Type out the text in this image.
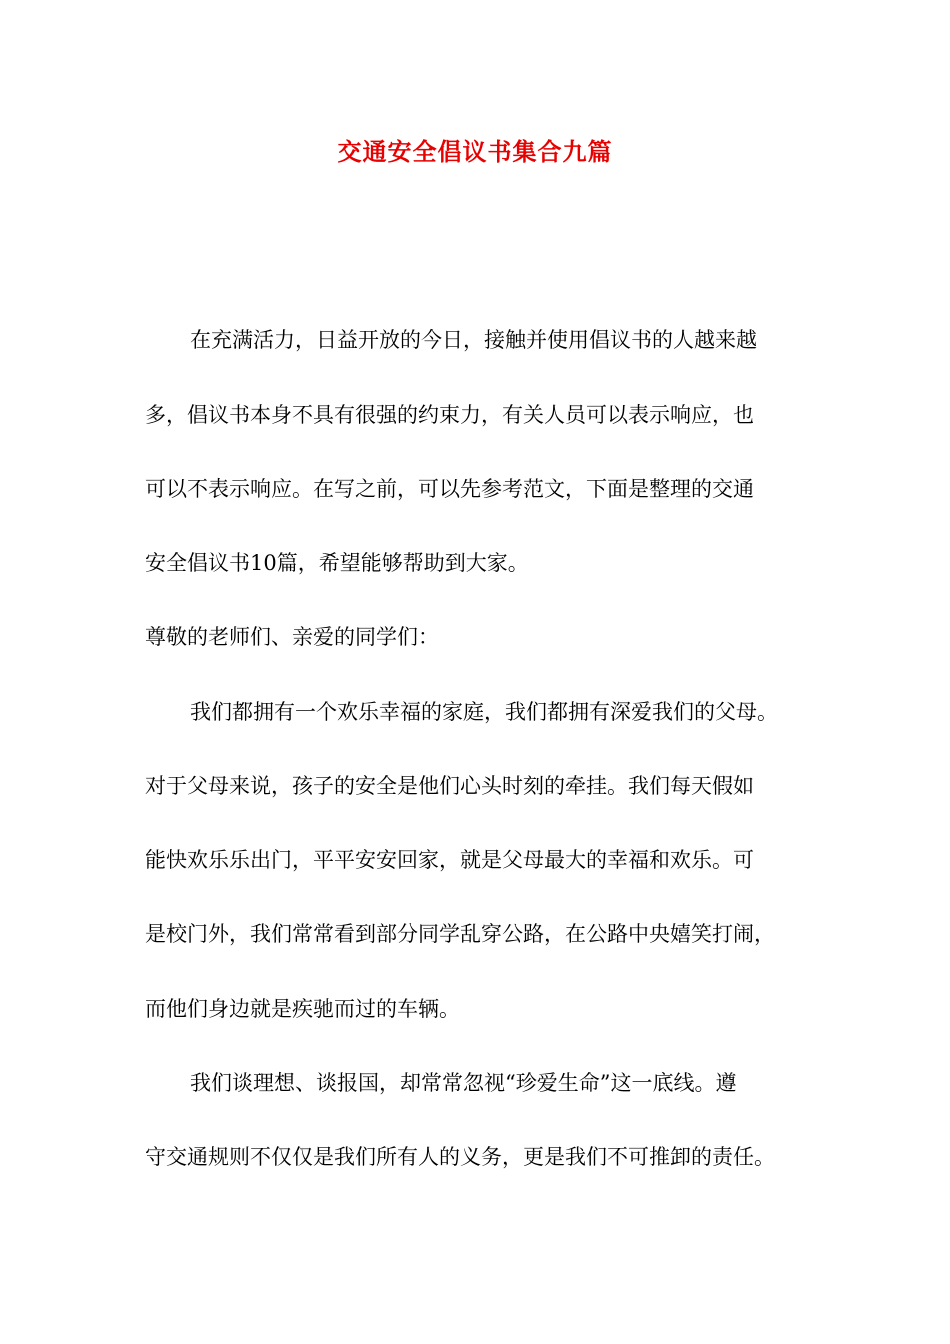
交通安全倡议书集合九篇
在充满活力，日益开放的今日，接触并使用倡议书的人越来越
多，倡议书本身不具有很强的约束力，有关人员可以表示响应，也
可以不表示响应。在写之前，可以先参考范文，下面是整理的交通
安全倡议书10篇，希望能够帮助到大家。
尊敬的老师们、亲爱的同学们：
我们都拥有一个欢乐幸福的家庭，我们都拥有深爱我们的父母。
对于父母来说，孩子的安全是他们心头时刻的牵挂。我们每天假如
能快欢乐乐出门，平平安安回家，就是父母最大的幸福和欢乐。可
是校门外，我们常常看到部分同学乱穿公路，在公路中央嬉笑打闹，
而他们身边就是疾驰而过的车辆。
我们谈理想、谈报国，却常常忽视“珍爱生命”这一底线。遵
守交通规则不仅仅是我们所有人的义务，更是我们不可推卸的责任。
